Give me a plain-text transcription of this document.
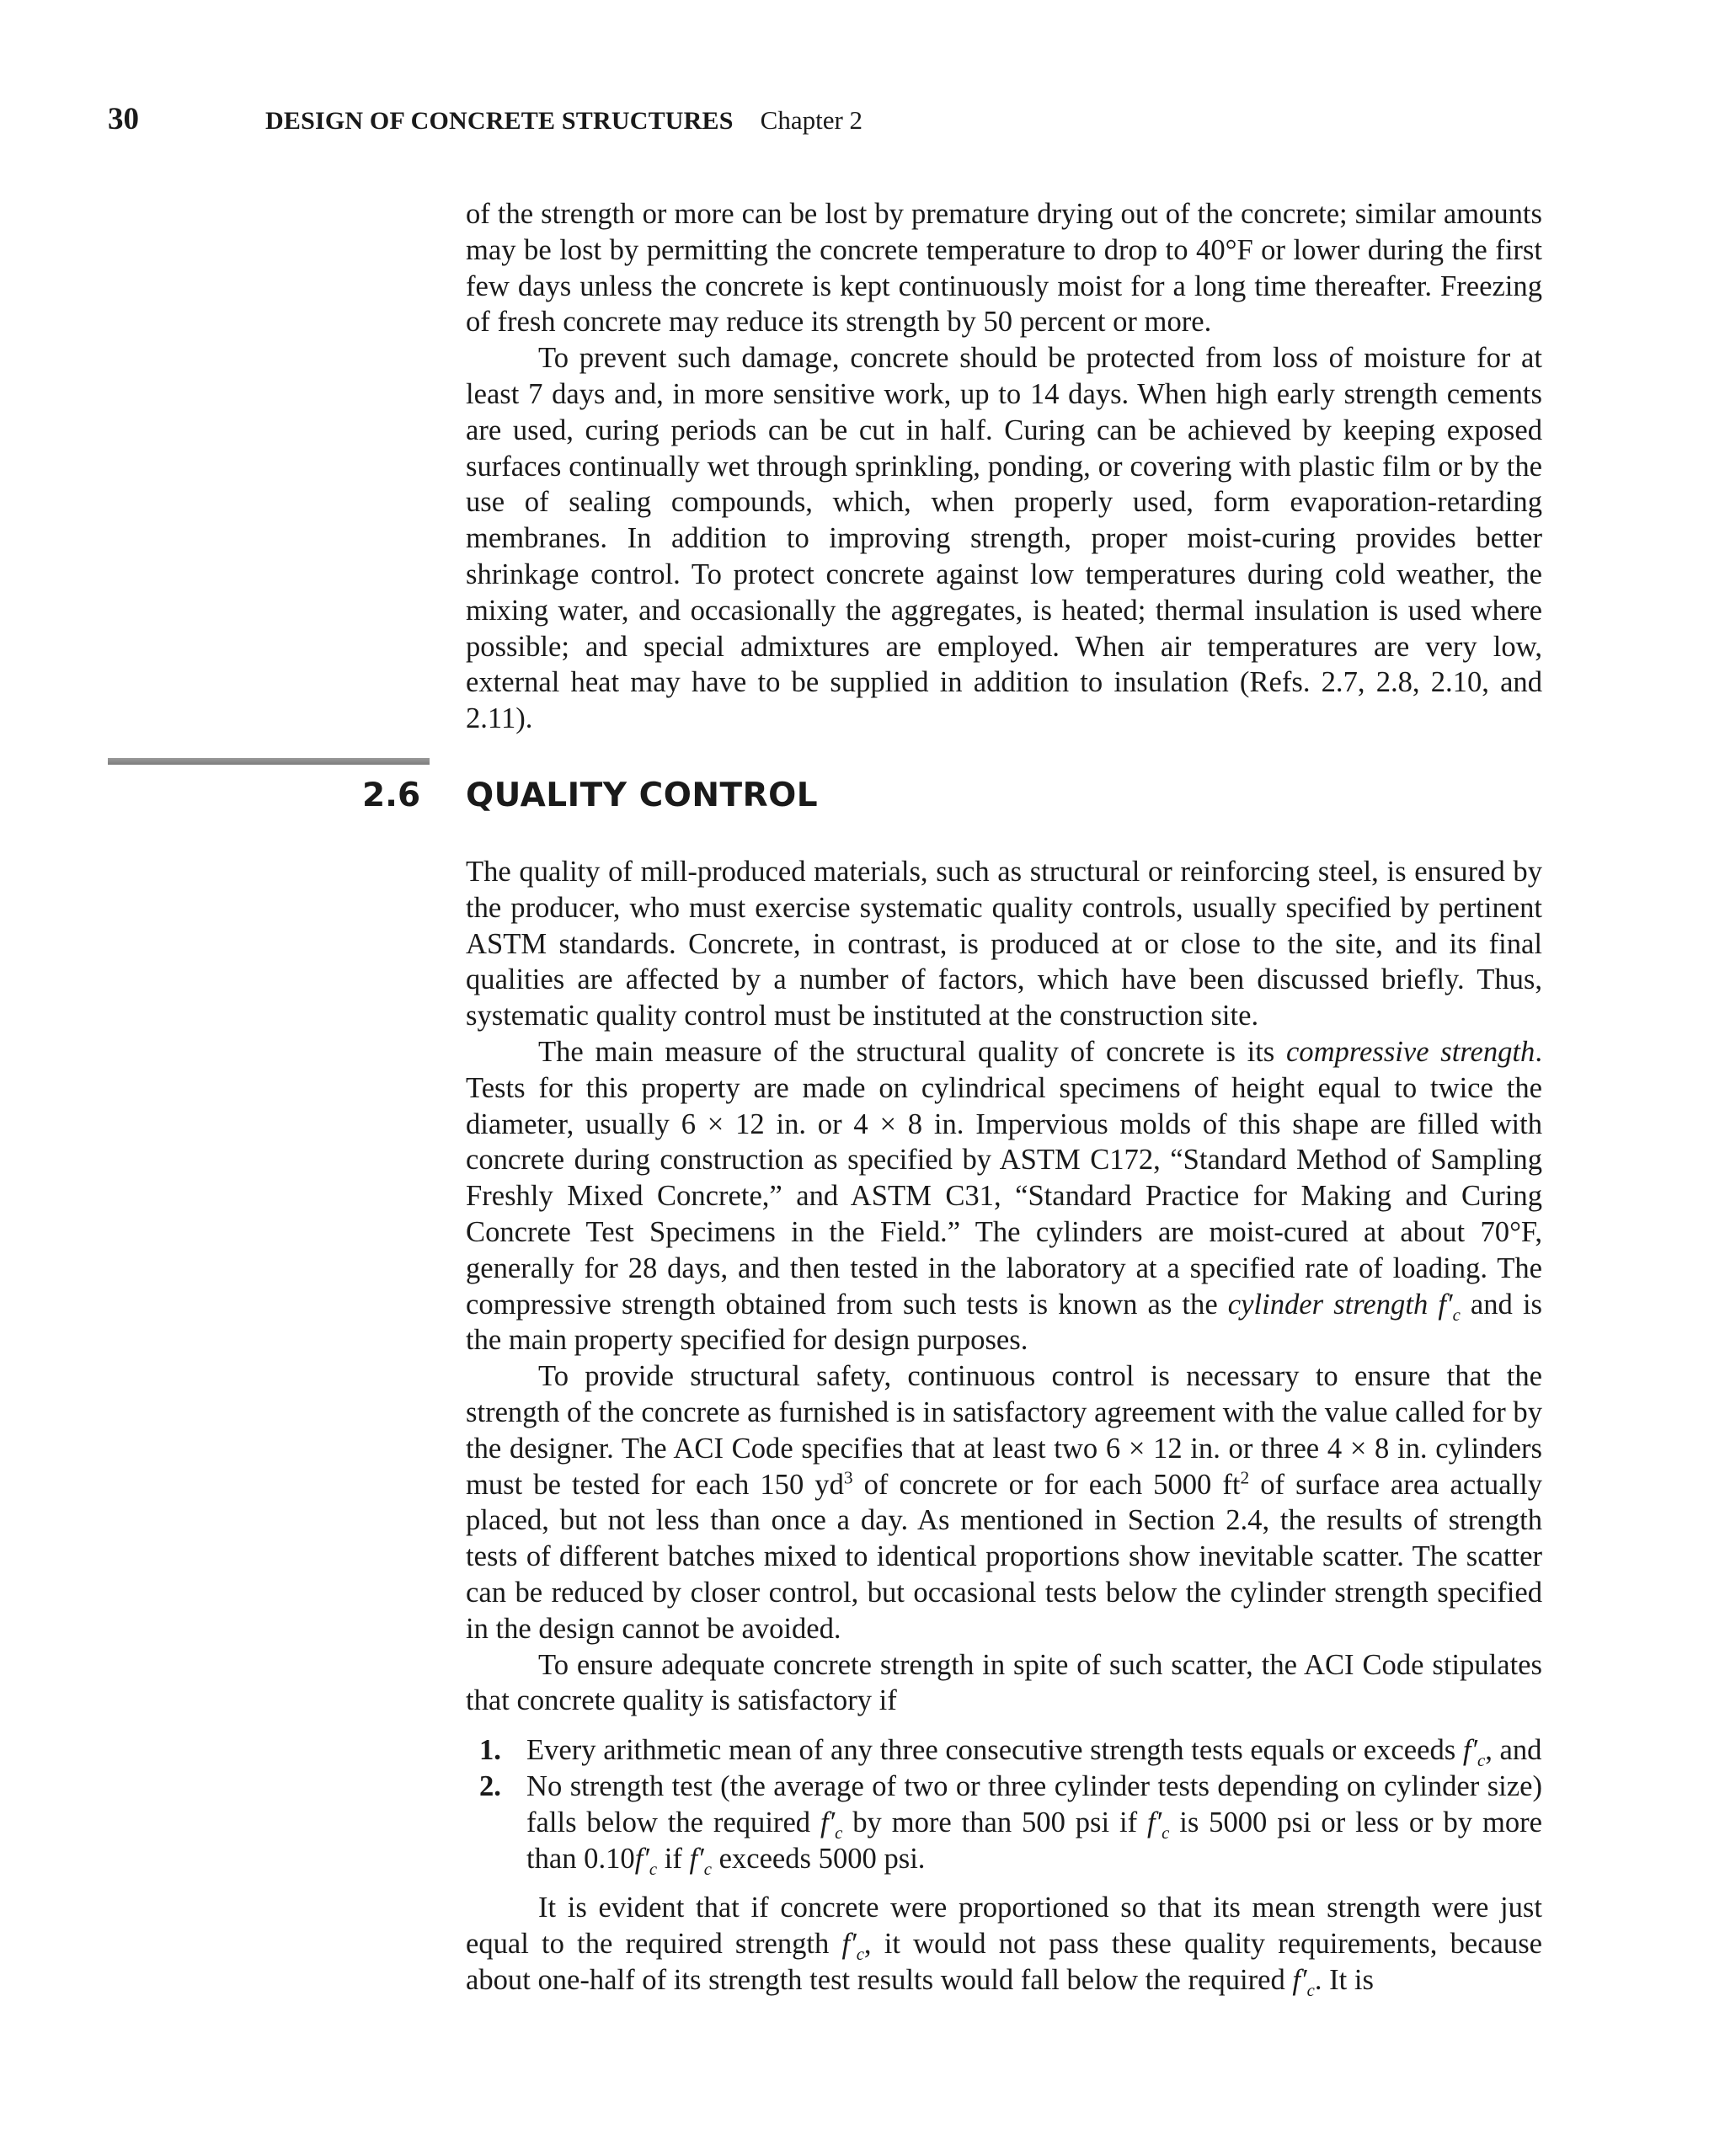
30	DESIGN OF CONCRETE STRUCTURES Chapter 2

of the strength or more can be lost by premature drying out of the concrete; similar amounts may be lost by permitting the concrete temperature to drop to 40°F or lower during the first few days unless the concrete is kept continuously moist for a long time thereafter. Freezing of fresh concrete may reduce its strength by 50 percent or more.

To prevent such damage, concrete should be protected from loss of moisture for at least 7 days and, in more sensitive work, up to 14 days. When high early strength cements are used, curing periods can be cut in half. Curing can be achieved by keeping exposed surfaces continually wet through sprinkling, ponding, or covering with plastic film or by the use of sealing compounds, which, when properly used, form evaporation-retarding membranes. In addition to improving strength, proper moist-curing provides better shrinkage control. To protect concrete against low temperatures during cold weather, the mixing water, and occasionally the aggregates, is heated; thermal insulation is used where possible; and special admixtures are employed. When air temperatures are very low, external heat may have to be supplied in addition to insulation (Refs. 2.7, 2.8, 2.10, and 2.11).

2.6 QUALITY CONTROL

The quality of mill-produced materials, such as structural or reinforcing steel, is ensured by the producer, who must exercise systematic quality controls, usually specified by pertinent ASTM standards. Concrete, in contrast, is produced at or close to the site, and its final qualities are affected by a number of factors, which have been discussed briefly. Thus, systematic quality control must be instituted at the construction site.

The main measure of the structural quality of concrete is its compressive strength. Tests for this property are made on cylindrical specimens of height equal to twice the diameter, usually 6 × 12 in. or 4 × 8 in. Impervious molds of this shape are filled with concrete during construction as specified by ASTM C172, “Standard Method of Sampling Freshly Mixed Concrete,” and ASTM C31, “Standard Practice for Making and Curing Concrete Test Specimens in the Field.” The cylinders are moist-cured at about 70°F, generally for 28 days, and then tested in the laboratory at a specified rate of loading. The compressive strength obtained from such tests is known as the cylinder strength $f'_c$ and is the main property specified for design purposes.

To provide structural safety, continuous control is necessary to ensure that the strength of the concrete as furnished is in satisfactory agreement with the value called for by the designer. The ACI Code specifies that at least two 6 × 12 in. or three 4 × 8 in. cylinders must be tested for each 150 $yd^3$ of concrete or for each 5000 $ft^2$ of surface area actually placed, but not less than once a day. As mentioned in Section 2.4, the results of strength tests of different batches mixed to identical proportions show inevitable scatter. The scatter can be reduced by closer control, but occasional tests below the cylinder strength specified in the design cannot be avoided.

To ensure adequate concrete strength in spite of such scatter, the ACI Code stipulates that concrete quality is satisfactory if

1. Every arithmetic mean of any three consecutive strength tests equals or exceeds $f'_c$, and
2. No strength test (the average of two or three cylinder tests depending on cylinder size) falls below the required $f'_c$ by more than 500 psi if $f'_c$ is 5000 psi or less or by more than $0.10f'_c$ if $f'_c$ exceeds 5000 psi.

It is evident that if concrete were proportioned so that its mean strength were just equal to the required strength $f'_c$, it would not pass these quality requirements, because about one-half of its strength test results would fall below the required $f'_c$. It is
